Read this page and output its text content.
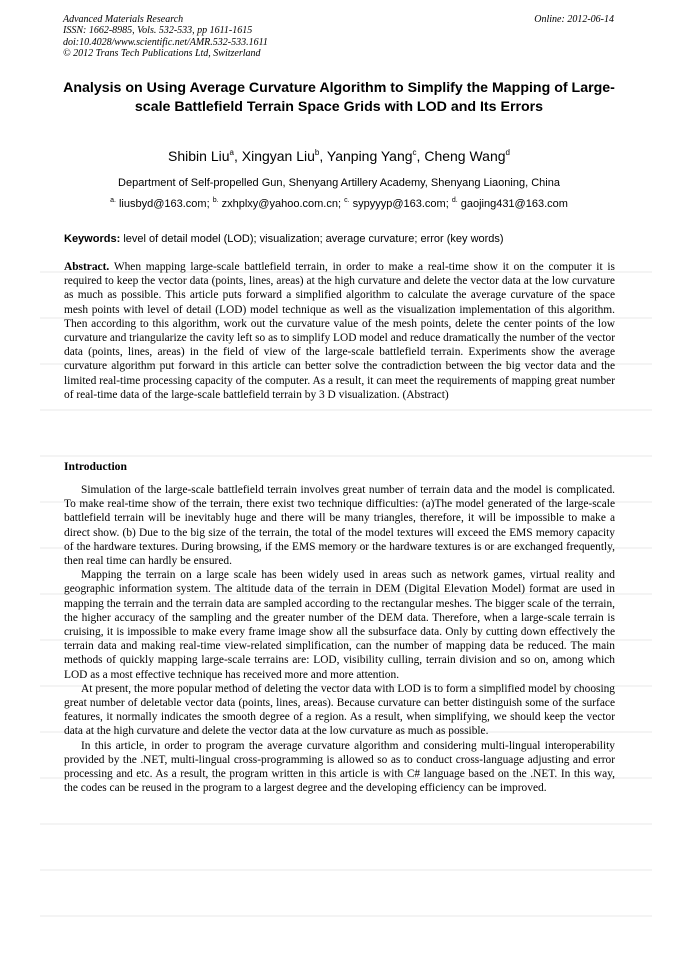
Advanced Materials Research
ISSN: 1662-8985, Vols. 532-533, pp 1611-1615
doi:10.4028/www.scientific.net/AMR.532-533.1611
© 2012 Trans Tech Publications Ltd, Switzerland
Online: 2012-06-14
Analysis on Using Average Curvature Algorithm to Simplify the Mapping of Large-scale Battlefield Terrain Space Grids with LOD and Its Errors
Shibin Liu$^a$, Xingyan Liu$^b$, Yanping Yang$^c$, Cheng Wang$^d$
Department of Self-propelled Gun, Shenyang Artillery Academy, Shenyang Liaoning, China
$^{a.}$ liusbyd@163.com; $^{b.}$ zxhplxy@yahoo.com.cn; $^{c.}$ sypyyyp@163.com; $^{d.}$ gaojing431@163.com
Keywords: level of detail model (LOD); visualization; average curvature; error (key words)

Abstract. When mapping large-scale battlefield terrain, in order to make a real-time show it on the computer it is required to keep the vector data (points, lines, areas) at the high curvature and delete the vector data at the low curvature as much as possible. This article puts forward a simplified algorithm to calculate the average curvature of the space mesh points with level of detail (LOD) model technique as well as the visualization implementation of this algorithm. Then according to this algorithm, work out the curvature value of the mesh points, delete the center points of the low curvature and triangularize the cavity left so as to simplify LOD model and reduce dramatically the number of the vector data (points, lines, areas) in the field of view of the large-scale battlefield terrain. Experiments show the average curvature algorithm put forward in this article can better solve the contradiction between the big vector data and the limited real-time processing capacity of the computer. As a result, it can meet the requirements of mapping great number of real-time data of the large-scale battlefield terrain by 3 D visualization. (Abstract)

Introduction

Simulation of the large-scale battlefield terrain involves great number of terrain data and the model is complicated. To make real-time show of the terrain, there exist two technique difficulties: (a)The model generated of the large-scale battlefield terrain will be inevitably huge and there will be many triangles, therefore, it will be impossible to make a direct show. (b) Due to the big size of the terrain, the total of the model textures will exceed the EMS memory capacity of the hardware textures. During browsing, if the EMS memory or the hardware textures is or are exchanged frequently, then real time can hardly be ensured.

Mapping the terrain on a large scale has been widely used in areas such as network games, virtual reality and geographic information system. The altitude data of the terrain in DEM (Digital Elevation Model) format are used in mapping the terrain and the terrain data are sampled according to the rectangular meshes. The bigger scale of the terrain, the higher accuracy of the sampling and the greater number of the DEM data. Therefore, when a large-scale terrain is cruising, it is impossible to make every frame image show all the subsurface data. Only by cutting down effectively the terrain data and making real-time view-related simplification, can the number of mapping data be reduced. The main methods of quickly mapping large-scale terrains are: LOD, visibility culling, terrain division and so on, among which LOD as a most effective technique has received more and more attention.

At present, the more popular method of deleting the vector data with LOD is to form a simplified model by choosing great number of deletable vector data (points, lines, areas). Because curvature can better distinguish some of the surface features, it normally indicates the smooth degree of a region. As a result, when simplifying, we should keep the vector data at the high curvature and delete the vector data at the low curvature as much as possible.

In this article, in order to program the average curvature algorithm and considering multi-lingual interoperability provided by the .NET, multi-lingual cross-programming is allowed so as to conduct cross-language adjusting and error processing and etc. As a result, the program written in this article is with C# language based on the .NET. In this way, the codes can be reused in the program to a largest degree and the developing efficiency can be improved.
